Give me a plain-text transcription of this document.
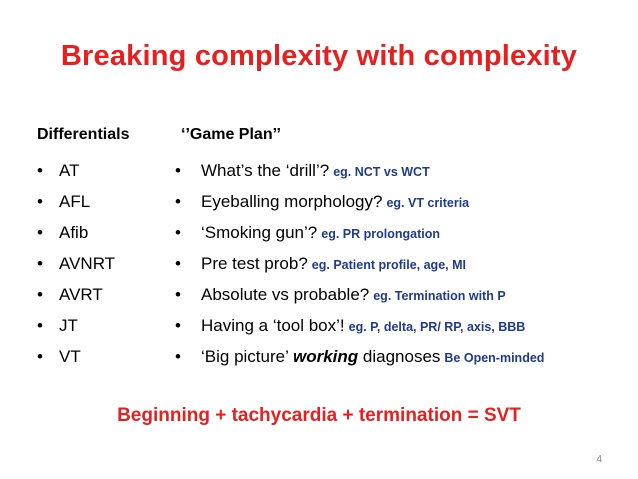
Breaking complexity with complexity
Differentials	‘’Game Plan’’
• AT
• AFL
• Afib
• AVNRT
• AVRT
• JT
• VT
• What’s the ‘drill’? eg. NCT vs WCT
• Eyeballing morphology? eg. VT criteria
• ‘Smoking gun’? eg. PR prolongation
• Pre test prob? eg. Patient profile, age, MI
• Absolute vs probable? eg. Termination with P
• Having a ‘tool box’! eg. P, delta, PR/ RP, axis, BBB
• ‘Big picture’ working diagnoses Be Open-minded
Beginning + tachycardia + termination = SVT
4
